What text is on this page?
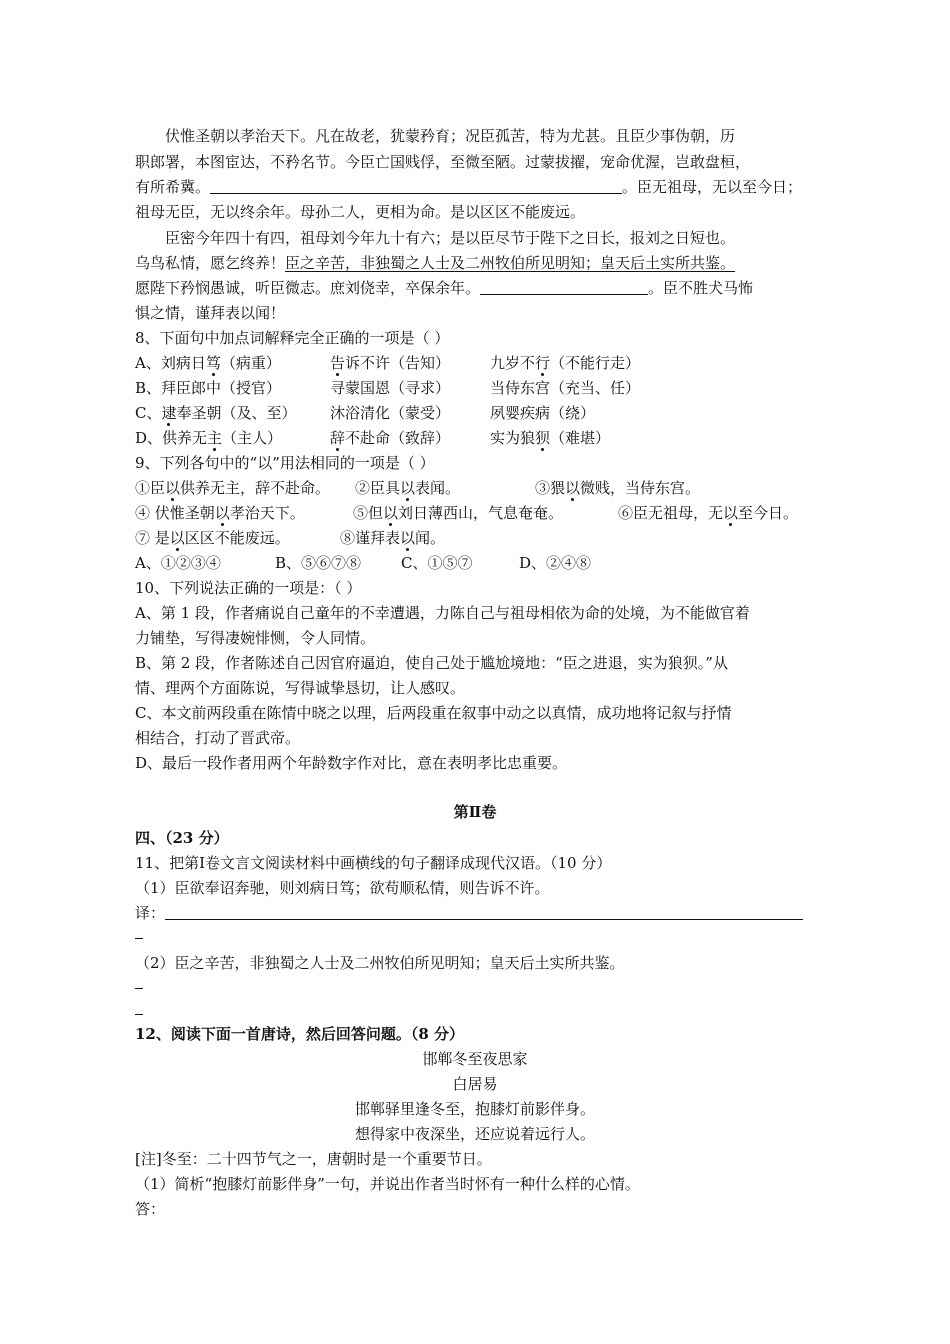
伏惟圣朝以孝治天下。凡在故老，犹蒙矜育；况臣孤苦，特为尤甚。且臣少事伪朝，历
职郎署，本图宦达，不矜名节。今臣亡国贱俘，至微至陋。过蒙拔擢，宠命优渥，岂敢盘桓，
有所希冀。	。臣无祖母，无以至今日；
祖母无臣，无以终余年。母孙二人，更相为命。是以区区不能废远。
臣密今年四十有四，祖母刘今年九十有六；是以臣尽节于陛下之日长，报刘之日短也。
乌鸟私情，愿乞终养！臣之辛苦，非独蜀之人士及二州牧伯所见明知；皇天后土实所共鉴。
愿陛下矜悯愚诚，听臣微志。庶刘侥幸，卒保余年。	。臣不胜犬马怖
惧之情，谨拜表以闻！
8、下面句中加点词解释完全正确的一项是（ ）
A、刘病日笃（病重）	告诉不许（告知）	九岁不行（不能行走）
B、拜臣郎中（授官）	寻蒙国恩（寻求）	当侍东宫（充当、任）
C、逮奉圣朝（及、至） 沐浴清化（蒙受）	夙婴疾病（绕）
D、供养无主（主人）	辞不赴命（致辞）	实为狼狈（难堪）
9、下列各句中的“以”用法相同的一项是（ ）
①臣以供养无主，辞不赴命。 ②臣具以表闻。	③猥以微贱，当侍东宫。
④ 伏惟圣朝以孝治天下。	⑤但以刘日薄西山，气息奄奄。	⑥臣无祖母，无以至今日。
⑦ 是以区区不能废远。	⑧谨拜表以闻。
A、①②③④	B、⑤⑥⑦⑧	C、①⑤⑦	D、②④⑧
10、下列说法正确的一项是：（ ）
A、第 1 段，作者痛说自己童年的不幸遭遇，力陈自己与祖母相依为命的处境，为不能做官着
力铺垫，写得凄婉悱恻，令人同情。
B、第 2 段，作者陈述自己因官府逼迫，使自己处于尴尬境地：“臣之进退，实为狼狈。”从
情、理两个方面陈说，写得诚挚恳切，让人感叹。
C、本文前两段重在陈情中晓之以理，后两段重在叙事中动之以真情，成功地将记叙与抒情
相结合，打动了晋武帝。
D、最后一段作者用两个年龄数字作对比，意在表明孝比忠重要。
第Ⅱ卷
四、（23 分）
11、把第Ⅰ卷文言文阅读材料中画横线的句子翻译成现代汉语。（10 分）
（1）臣欲奉诏奔驰，则刘病日笃；欲苟顺私情，则告诉不许。
译：
（2）臣之辛苦，非独蜀之人士及二州牧伯所见明知；皇天后土实所共鉴。
12、阅读下面一首唐诗，然后回答问题。（8 分）
邯郸冬至夜思家
白居易
邯郸驿里逢冬至，抱膝灯前影伴身。
想得家中夜深坐，还应说着远行人。
[注]冬至：二十四节气之一，唐朝时是一个重要节日。
（1）简析“抱膝灯前影伴身”一句，并说出作者当时怀有一种什么样的心情。
答：
